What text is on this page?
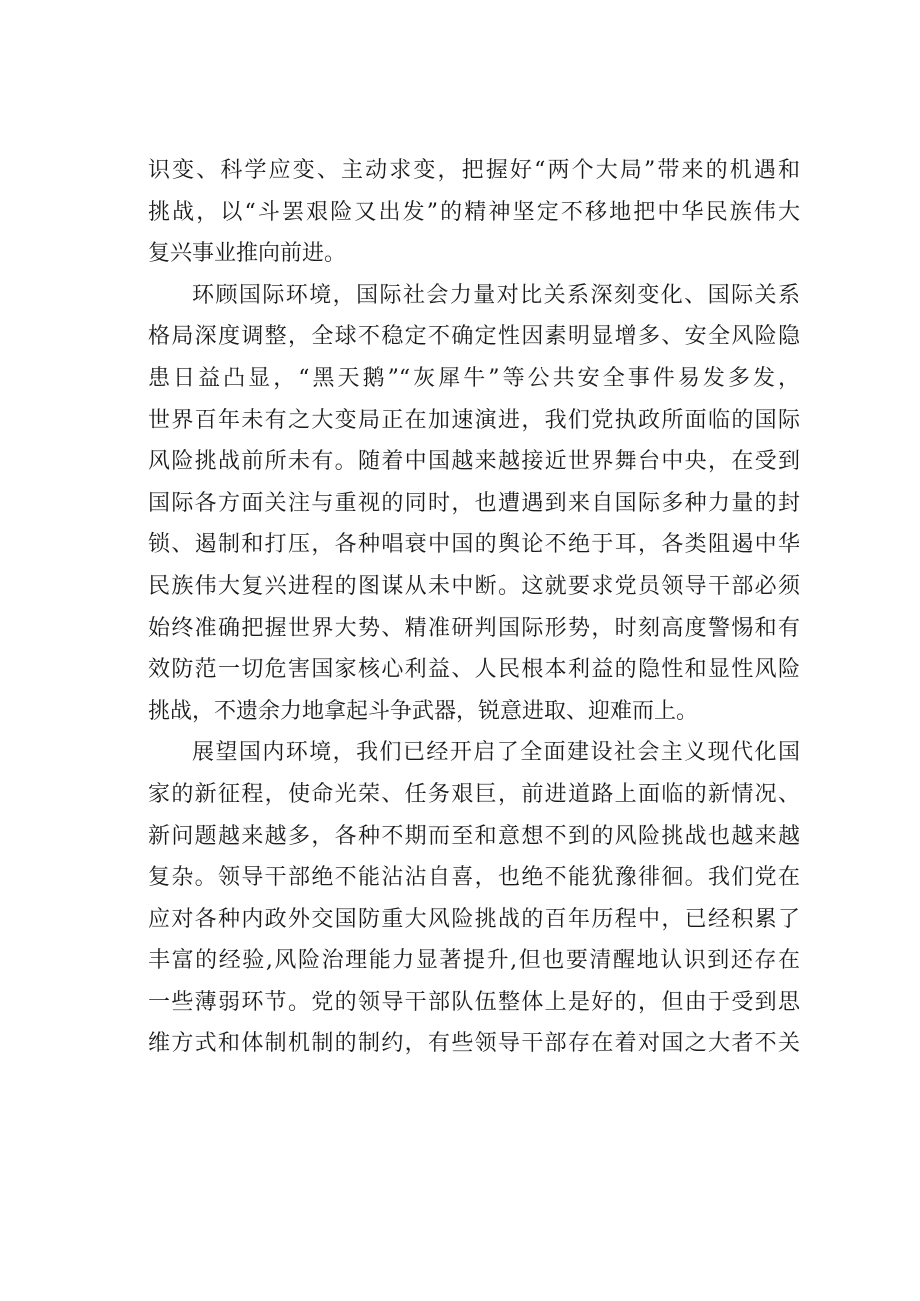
识变、科学应变、主动求变，把握好“两个大局”带来的机遇和
挑战，以“斗罢艰险又出发”的精神坚定不移地把中华民族伟大
复兴事业推向前进。
环顾国际环境，国际社会力量对比关系深刻变化、国际关系
格局深度调整，全球不稳定不确定性因素明显增多、安全风险隐
患日益凸显，“黑天鹅”“灰犀牛”等公共安全事件易发多发，
世界百年未有之大变局正在加速演进，我们党执政所面临的国际
风险挑战前所未有。随着中国越来越接近世界舞台中央，在受到
国际各方面关注与重视的同时，也遭遇到来自国际多种力量的封
锁、遏制和打压，各种唱衰中国的舆论不绝于耳，各类阻遏中华
民族伟大复兴进程的图谋从未中断。这就要求党员领导干部必须
始终准确把握世界大势、精准研判国际形势，时刻高度警惕和有
效防范一切危害国家核心利益、人民根本利益的隐性和显性风险
挑战，不遗余力地拿起斗争武器，锐意进取、迎难而上。
展望国内环境，我们已经开启了全面建设社会主义现代化国
家的新征程，使命光荣、任务艰巨，前进道路上面临的新情况、
新问题越来越多，各种不期而至和意想不到的风险挑战也越来越
复杂。领导干部绝不能沾沾自喜，也绝不能犹豫徘徊。我们党在
应对各种内政外交国防重大风险挑战的百年历程中，已经积累了
丰富的经验,风险治理能力显著提升,但也要清醒地认识到还存在
一些薄弱环节。党的领导干部队伍整体上是好的，但由于受到思
维方式和体制机制的制约，有些领导干部存在着对国之大者不关
